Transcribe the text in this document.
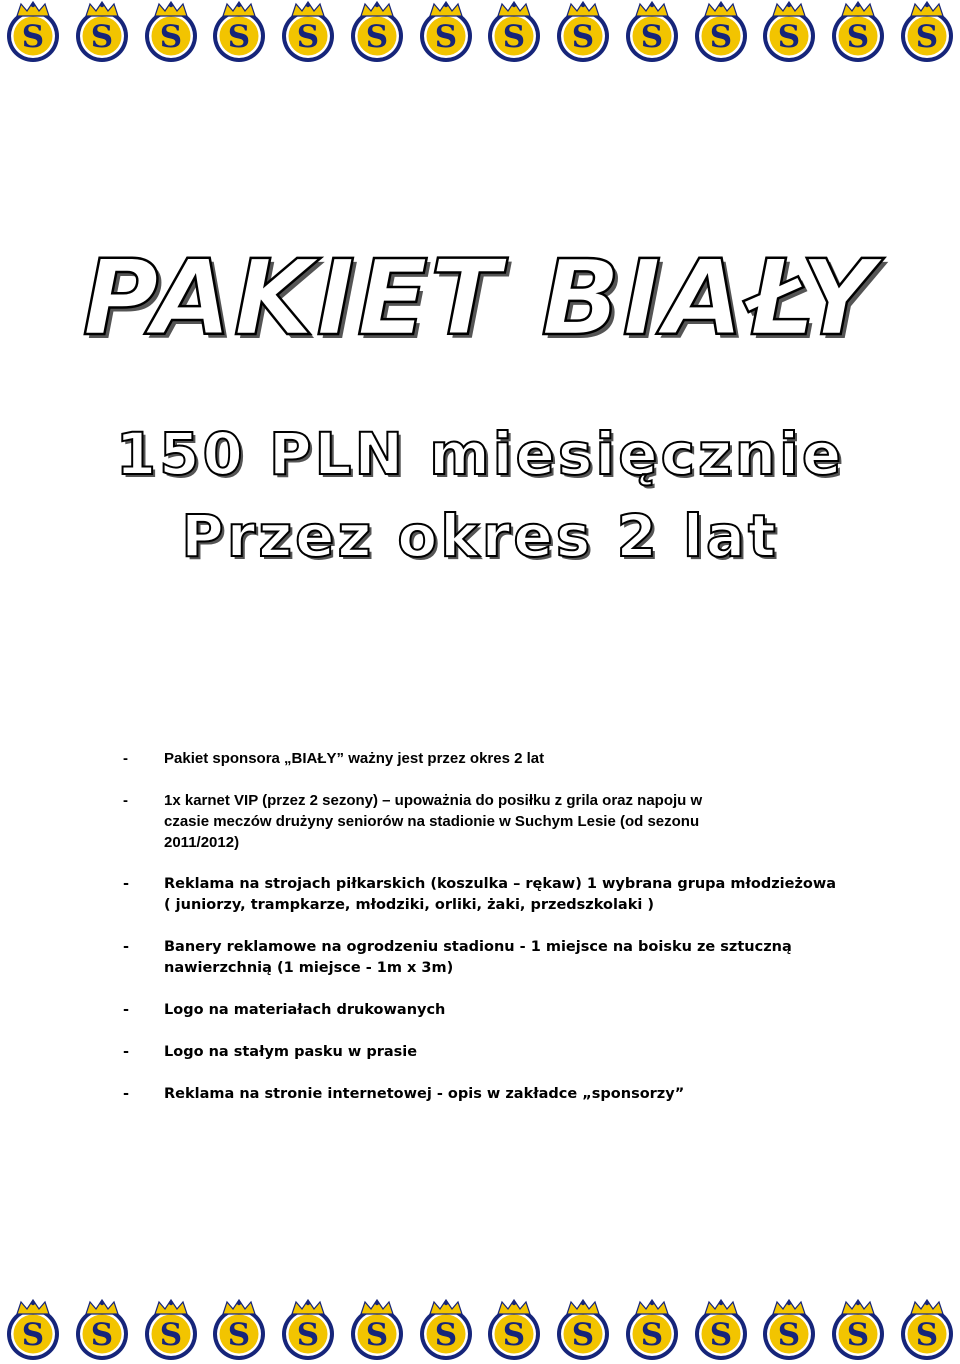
S S S S S S S S S S S S S S
S S S S S S S S S S S S S S
PAKIET BIAŁY
150 PLN miesięcznie
Przez okres 2 lat
- Pakiet sponsora „BIAŁY” ważny jest przez okres 2 lat
- 1x karnet VIP (przez 2 sezony) – upoważnia do posiłku z grila oraz napoju w
czasie meczów drużyny seniorów na stadionie w Suchym Lesie (od sezonu
2011/2012)
- Reklama na strojach piłkarskich (koszulka – rękaw) 1 wybrana grupa młodzieżowa
( juniorzy, trampkarze, młodziki, orliki, żaki, przedszkolaki )
- Banery reklamowe na ogrodzeniu stadionu - 1 miejsce na boisku ze sztuczną
nawierzchnią (1 miejsce - 1m x 3m)
- Logo na materiałach drukowanych
- Logo na stałym pasku w prasie
- Reklama na stronie internetowej - opis w zakładce „sponsorzy”
